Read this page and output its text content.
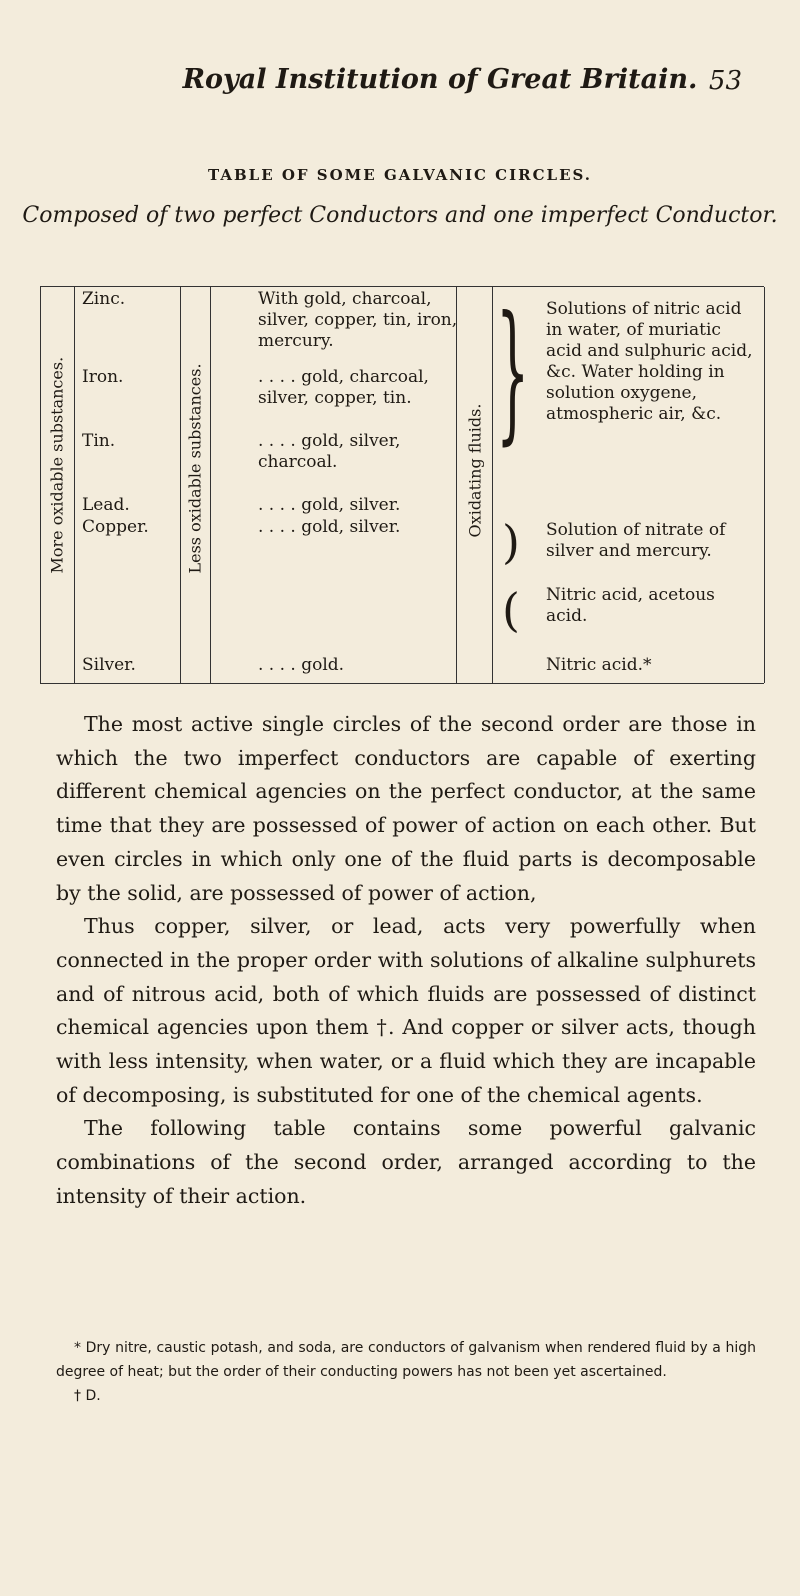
Royal Institution of Great Britain. 53
TABLE OF SOME GALVANIC CIRCLES.
Composed of two perfect Conductors and one imperfect Conductor.
More oxidable substances.	Less oxidable substances.	Oxidating fluids.
Zinc.
Iron.
Tin.
Lead.
Copper.
Silver.
With gold, charcoal, silver, copper, tin, iron, mercury.
. . . . gold, charcoal, silver, copper, tin.
. . . . gold, silver, charcoal.
. . . . gold, silver.
. . . . gold, silver.
. . . . gold.
} Solutions of nitric acid in water, of muriatic acid and sulphuric acid, &c. Water holding in solution oxygene, atmospheric air, &c.
) Solution of nitrate of silver and mercury.
( Nitric acid, acetous acid.
Nitric acid.*

The most active single circles of the second order are those in which the two imperfect conductors are capable of exerting different chemical agencies on the perfect conductor, at the same time that they are possessed of power of action on each other. But even circles in which only one of the fluid parts is decomposable by the solid, are possessed of power of action,

Thus copper, silver, or lead, acts very powerfully when connected in the proper order with solutions of alkaline sulphurets and of nitrous acid, both of which fluids are possessed of distinct chemical agencies upon them †. And copper or silver acts, though with less intensity, when water, or a fluid which they are incapable of decomposing, is substituted for one of the chemical agents.

The following table contains some powerful galvanic combinations of the second order, arranged according to the intensity of their action.

* Dry nitre, caustic potash, and soda, are conductors of galvanism when rendered fluid by a high degree of heat; but the order of their conducting powers has not been yet ascertained.

† D.
